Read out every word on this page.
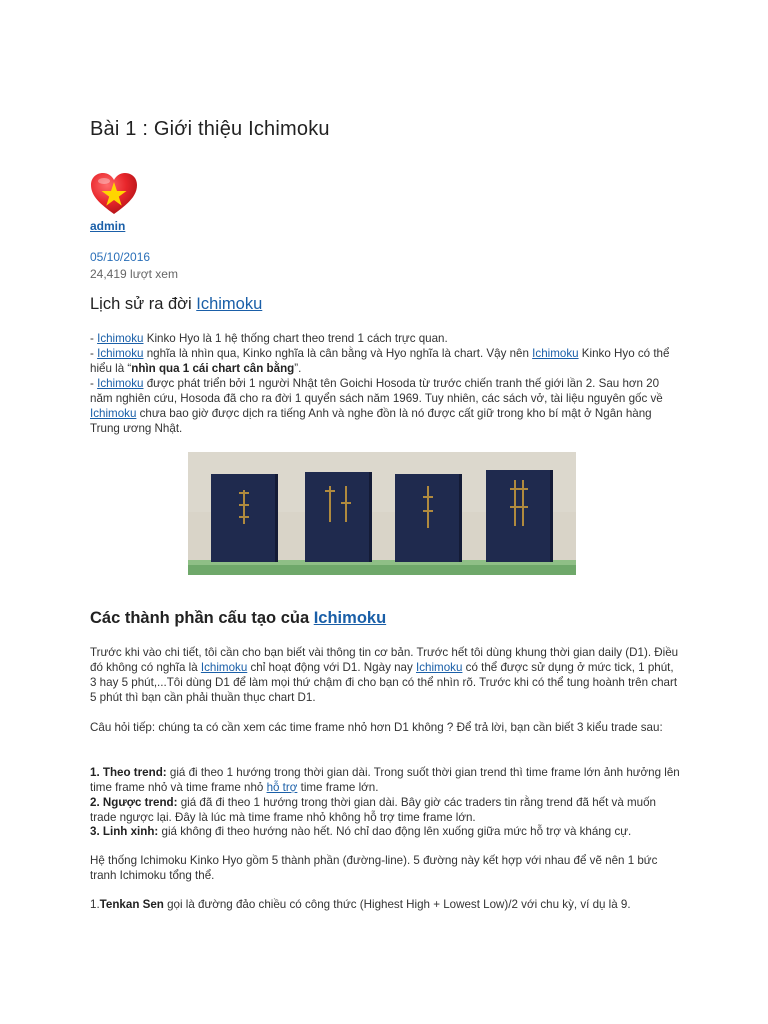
Bài 1 : Giới thiệu Ichimoku
admin
05/10/2016
24,419 lượt xem
Lịch sử ra đời Ichimoku

- Ichimoku Kinko Hyo là 1 hệ thống chart theo trend 1 cách trực quan.

- Ichimoku nghĩa là nhìn qua, Kinko nghĩa là cân bằng và Hyo nghĩa là chart. Vậy nên Ichimoku Kinko Hyo có thể hiểu là “nhìn qua 1 cái chart cân bằng”.

- Ichimoku được phát triển bởi 1 người Nhật tên Goichi Hosoda từ trước chiến tranh thế giới lần 2. Sau hơn 20 năm nghiên cứu, Hosoda đã cho ra đời 1 quyển sách năm 1969. Tuy nhiên, các sách vở, tài liệu nguyên gốc về Ichimoku chưa bao giờ được dịch ra tiếng Anh và nghe đồn là nó được cất giữ trong kho bí mật ở Ngân hàng Trung ương Nhật.

Các thành phần cấu tạo của Ichimoku

Trước khi vào chi tiết, tôi cần cho bạn biết vài thông tin cơ bản. Trước hết tôi dùng khung thời gian daily (D1). Điều đó không có nghĩa là Ichimoku chỉ hoạt động với D1. Ngày nay Ichimoku có thể được sử dụng ở mức tick, 1 phút, 3 hay 5 phút,...Tôi dùng D1 để làm mọi thứ chậm đi cho bạn có thể nhìn rõ. Trước khi có thể tung hoành trên chart 5 phút thì bạn cần phải thuần thục chart D1.

Câu hỏi tiếp: chúng ta có cần xem các time frame nhỏ hơn D1 không ? Để trả lời, bạn cần biết 3 kiểu trade sau:

1. Theo trend: giá đi theo 1 hướng trong thời gian dài. Trong suốt thời gian trend thì time frame lớn ảnh hưởng lên time frame nhỏ và time frame nhỏ hỗ trợ time frame lớn.

2. Ngược trend: giá đã đi theo 1 hướng trong thời gian dài. Bây giờ các traders tin rằng trend đã hết và muốn trade ngược lại. Đây là lúc mà time frame nhỏ không hỗ trợ time frame lớn.

3. Linh xinh: giá không đi theo hướng nào hết. Nó chỉ dao động lên xuống giữa mức hỗ trợ và kháng cự.

Hệ thống Ichimoku Kinko Hyo gồm 5 thành phần (đường-line). 5 đường này kết hợp với nhau để vẽ nên 1 bức tranh Ichimoku tổng thể.

1.Tenkan Sen gọi là đường đảo chiều có công thức (Highest High + Lowest Low)/2 với chu kỳ, ví dụ là 9.
